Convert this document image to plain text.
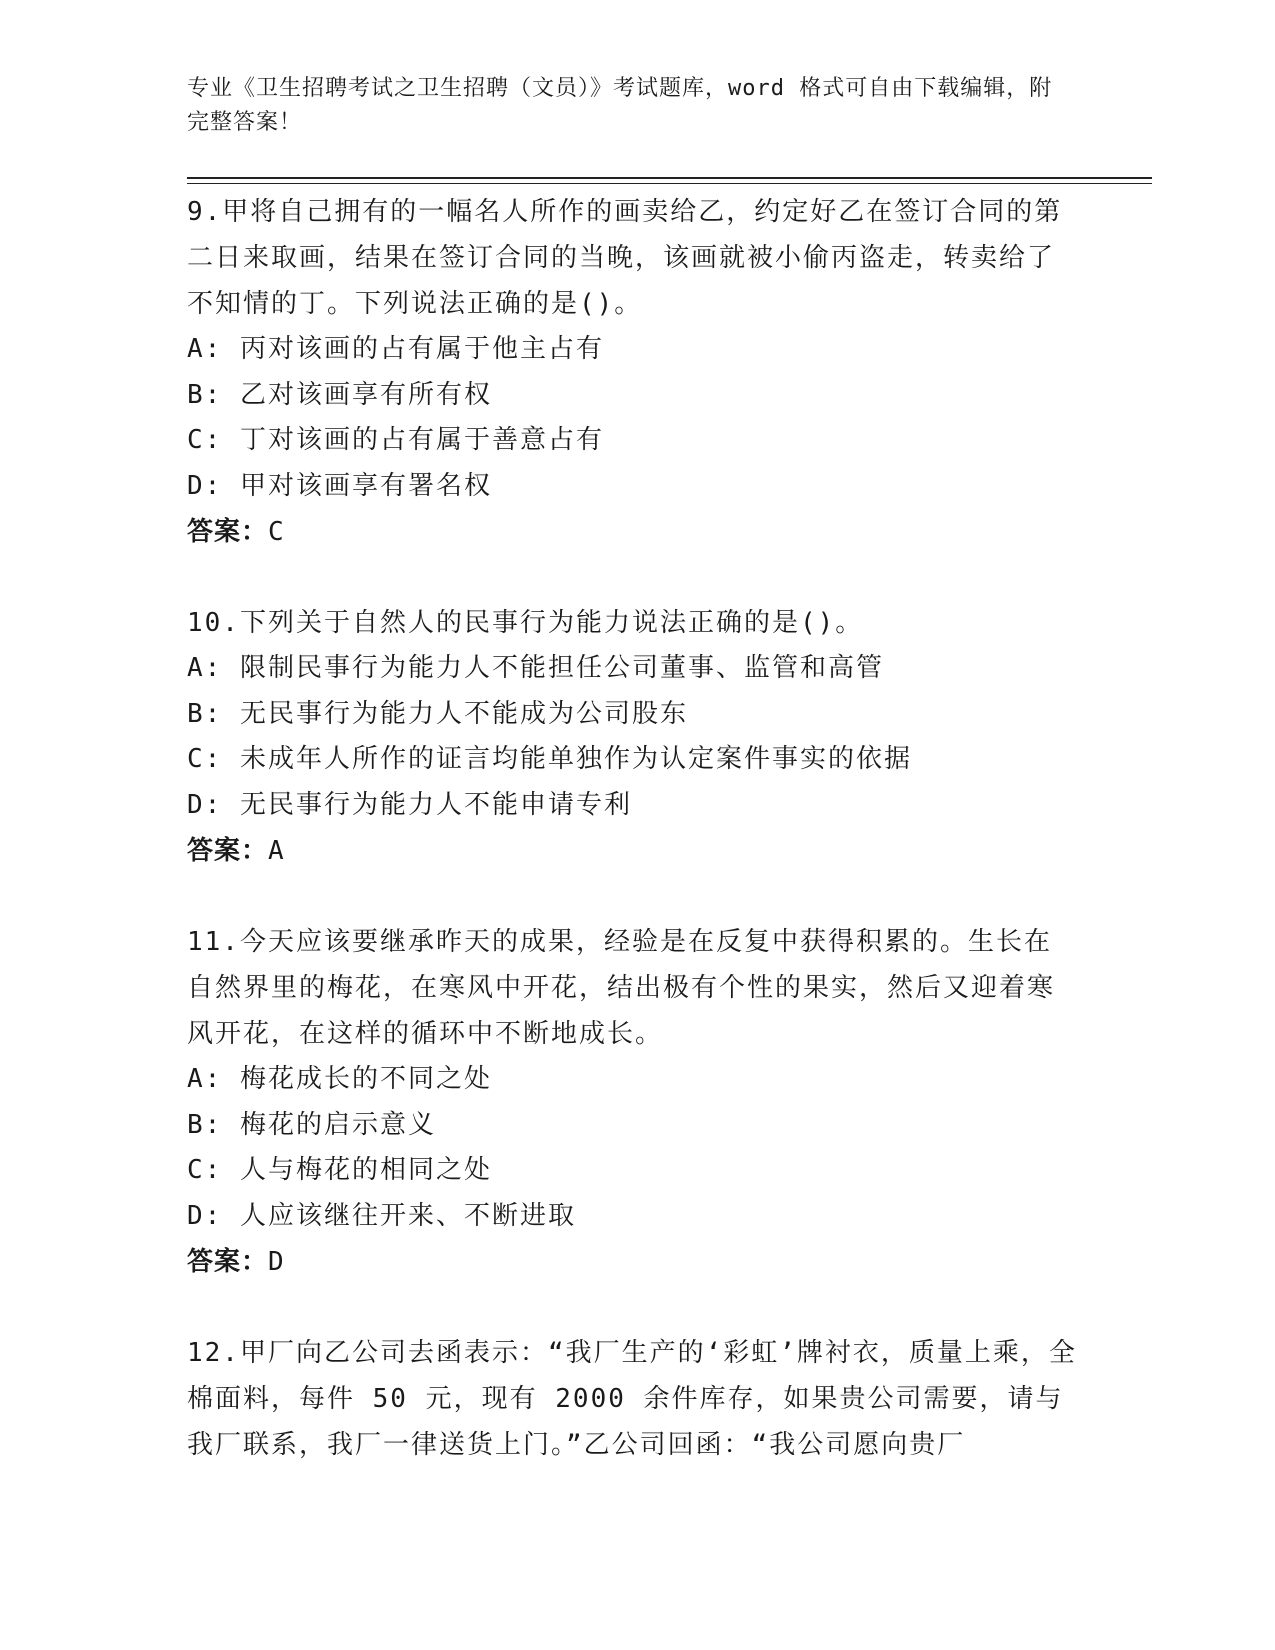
专业《卫生招聘考试之卫生招聘（文员）》考试题库，word 格式可自由下载编辑，附完整答案！
9.甲将自己拥有的一幅名人所作的画卖给乙，约定好乙在签订合同的第二日来取画，结果在签订合同的当晚，该画就被小偷丙盗走，转卖给了不知情的丁。下列说法正确的是()。
A: 丙对该画的占有属于他主占有
B: 乙对该画享有所有权
C: 丁对该画的占有属于善意占有
D: 甲对该画享有署名权
答案：C
10.下列关于自然人的民事行为能力说法正确的是()。
A: 限制民事行为能力人不能担任公司董事、监管和高管
B: 无民事行为能力人不能成为公司股东
C: 未成年人所作的证言均能单独作为认定案件事实的依据
D: 无民事行为能力人不能申请专利
答案：A
11.今天应该要继承昨天的成果，经验是在反复中获得积累的。生长在自然界里的梅花，在寒风中开花，结出极有个性的果实，然后又迎着寒风开花，在这样的循环中不断地成长。
A: 梅花成长的不同之处
B: 梅花的启示意义
C: 人与梅花的相同之处
D: 人应该继往开来、不断进取
答案：D
12.甲厂向乙公司去函表示：“我厂生产的‘彩虹’牌衬衣，质量上乘，全棉面料，每件 50 元，现有 2000 余件库存，如果贵公司需要，请与我厂联系，我厂一律送货上门。”乙公司回函：“我公司愿向贵厂
